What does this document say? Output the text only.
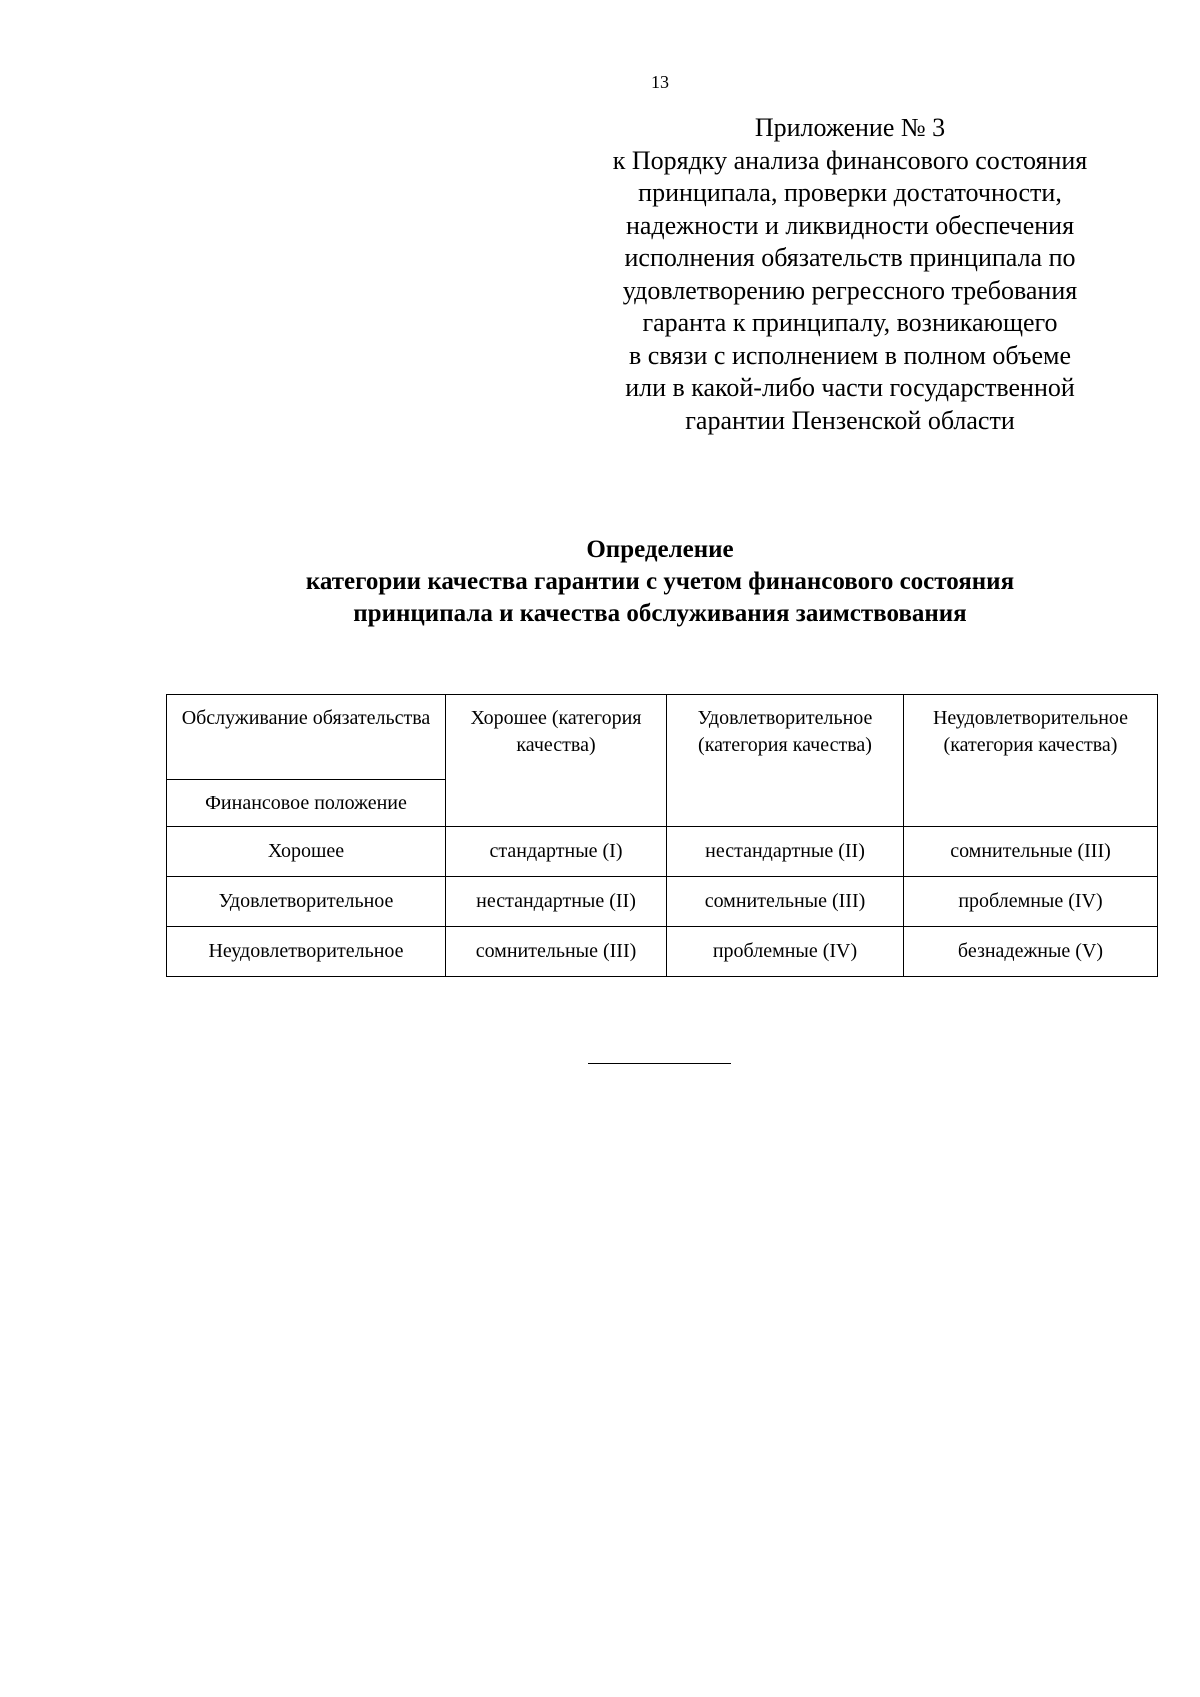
13
Приложение № 3
к Порядку анализа финансового состояния
принципала, проверки достаточности,
надежности и ликвидности обеспечения
исполнения обязательств принципала по
удовлетворению регрессного требования
гаранта к принципалу, возникающего
в связи с исполнением в полном объеме
или в какой-либо части государственной
гарантии Пензенской области
Определение
категории качества гарантии с учетом финансового состояния
принципала и качества обслуживания заимствования
Обслуживание обязательства	Хорошее (категория качества)	Удовлетворительное (категория качества)	Неудовлетворительное (категория качества)
Финансовое положение			
Хорошее	стандартные (I)	нестандартные (II)	сомнительные (III)
Удовлетворительное	нестандартные (II)	сомнительные (III)	проблемные (IV)
Неудовлетворительное	сомнительные (III)	проблемные (IV)	безнадежные (V)
